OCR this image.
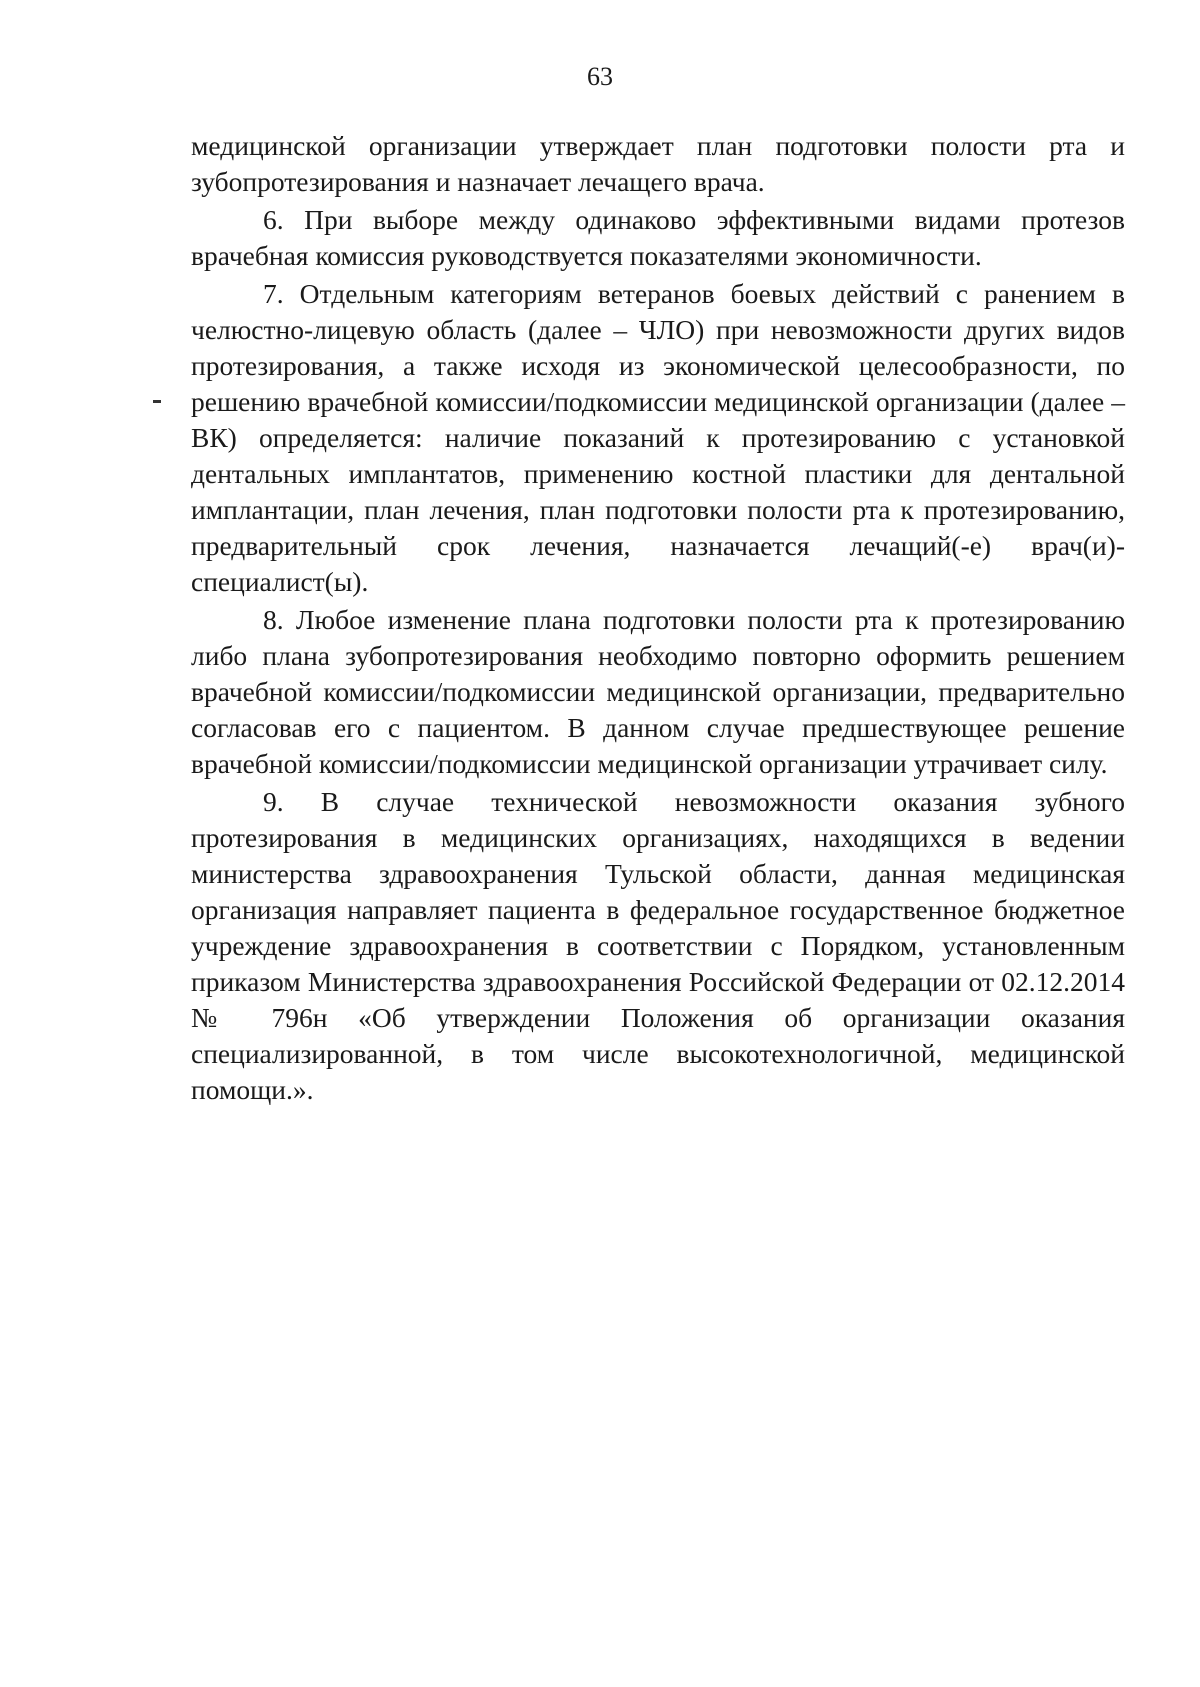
63

медицинской организации утверждает план подготовки полости рта и зубопротезирования и назначает лечащего врача.

6. При выборе между одинаково эффективными видами протезов врачебная комиссия руководствуется показателями экономичности.

7. Отдельным категориям ветеранов боевых действий с ранением в челюстно-лицевую область (далее – ЧЛО) при невозможности других видов протезирования, а также исходя из экономической целесообразности, по решению врачебной комиссии/подкомиссии медицинской организации (далее – ВК) определяется: наличие показаний к протезированию с установкой дентальных имплантатов, применению костной пластики для дентальной имплантации, план лечения, план подготовки полости рта к протезированию, предварительный срок лечения, назначается лечащий(-е) врач(и)-специалист(ы).

8. Любое изменение плана подготовки полости рта к протезированию либо плана зубопротезирования необходимо повторно оформить решением врачебной комиссии/подкомиссии медицинской организации, предварительно согласовав его с пациентом. В данном случае предшествующее решение врачебной комиссии/подкомиссии медицинской организации утрачивает силу.

9. В случае технической невозможности оказания зубного протезирования в медицинских организациях, находящихся в ведении министерства здравоохранения Тульской области, данная медицинская организация направляет пациента в федеральное государственное бюджетное учреждение здравоохранения в соответствии с Порядком, установленным приказом Министерства здравоохранения Российской Федерации от 02.12.2014 № 796н «Об утверждении Положения об организации оказания специализированной, в том числе высокотехнологичной, медицинской помощи.».
